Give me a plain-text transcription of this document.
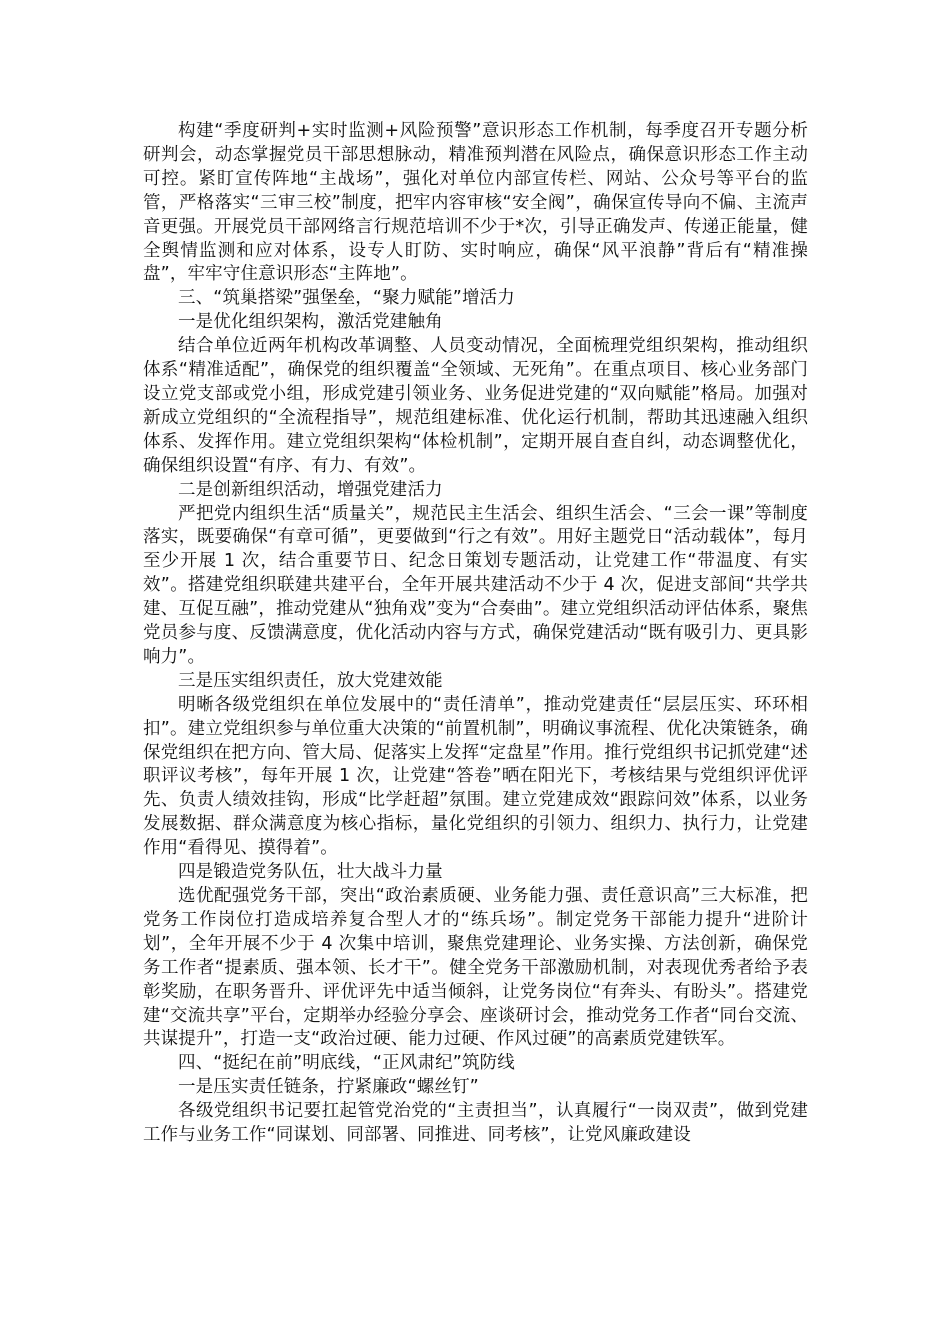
构建“季度研判+实时监测+风险预警”意识形态工作机制，每季度召开专题分析研判会，动态掌握党员干部思想脉动，精准预判潜在风险点，确保意识形态工作主动可控。紧盯宣传阵地“主战场”，强化对单位内部宣传栏、网站、公众号等平台的监管，严格落实“三审三校”制度，把牢内容审核“安全阀”，确保宣传导向不偏、主流声音更强。开展党员干部网络言行规范培训不少于*次，引导正确发声、传递正能量，健全舆情监测和应对体系，设专人盯防、实时响应，确保“风平浪静”背后有“精准操盘”，牢牢守住意识形态“主阵地”。

三、“筑巢搭梁”强堡垒，“聚力赋能”增活力

一是优化组织架构，激活党建触角

结合单位近两年机构改革调整、人员变动情况，全面梳理党组织架构，推动组织体系“精准适配”，确保党的组织覆盖“全领域、无死角”。在重点项目、核心业务部门设立党支部或党小组，形成党建引领业务、业务促进党建的“双向赋能”格局。加强对新成立党组织的“全流程指导”，规范组建标准、优化运行机制，帮助其迅速融入组织体系、发挥作用。建立党组织架构“体检机制”，定期开展自查自纠，动态调整优化，确保组织设置“有序、有力、有效”。

二是创新组织活动，增强党建活力

严把党内组织生活“质量关”，规范民主生活会、组织生活会、“三会一课”等制度落实，既要确保“有章可循”，更要做到“行之有效”。用好主题党日“活动载体”，每月至少开展 1 次，结合重要节日、纪念日策划专题活动，让党建工作“带温度、有实效”。搭建党组织联建共建平台，全年开展共建活动不少于 4 次，促进支部间“共学共建、互促互融”，推动党建从“独角戏”变为“合奏曲”。建立党组织活动评估体系，聚焦党员参与度、反馈满意度，优化活动内容与方式，确保党建活动“既有吸引力、更具影响力”。

三是压实组织责任，放大党建效能

明晰各级党组织在单位发展中的“责任清单”，推动党建责任“层层压实、环环相扣”。建立党组织参与单位重大决策的“前置机制”，明确议事流程、优化决策链条，确保党组织在把方向、管大局、促落实上发挥“定盘星”作用。推行党组织书记抓党建“述职评议考核”，每年开展 1 次，让党建“答卷”晒在阳光下，考核结果与党组织评优评先、负责人绩效挂钩，形成“比学赶超”氛围。建立党建成效“跟踪问效”体系，以业务发展数据、群众满意度为核心指标，量化党组织的引领力、组织力、执行力，让党建作用“看得见、摸得着”。

四是锻造党务队伍，壮大战斗力量

选优配强党务干部，突出“政治素质硬、业务能力强、责任意识高”三大标准，把党务工作岗位打造成培养复合型人才的“练兵场”。制定党务干部能力提升“进阶计划”，全年开展不少于 4 次集中培训，聚焦党建理论、业务实操、方法创新，确保党务工作者“提素质、强本领、长才干”。健全党务干部激励机制，对表现优秀者给予表彰奖励，在职务晋升、评优评先中适当倾斜，让党务岗位“有奔头、有盼头”。搭建党建“交流共享”平台，定期举办经验分享会、座谈研讨会，推动党务工作者“同台交流、共谋提升”，打造一支“政治过硬、能力过硬、作风过硬”的高素质党建铁军。

四、“挺纪在前”明底线，“正风肃纪”筑防线

一是压实责任链条，拧紧廉政“螺丝钉”

各级党组织书记要扛起管党治党的“主责担当”，认真履行“一岗双责”，做到党建工作与业务工作“同谋划、同部署、同推进、同考核”，让党风廉政建设
